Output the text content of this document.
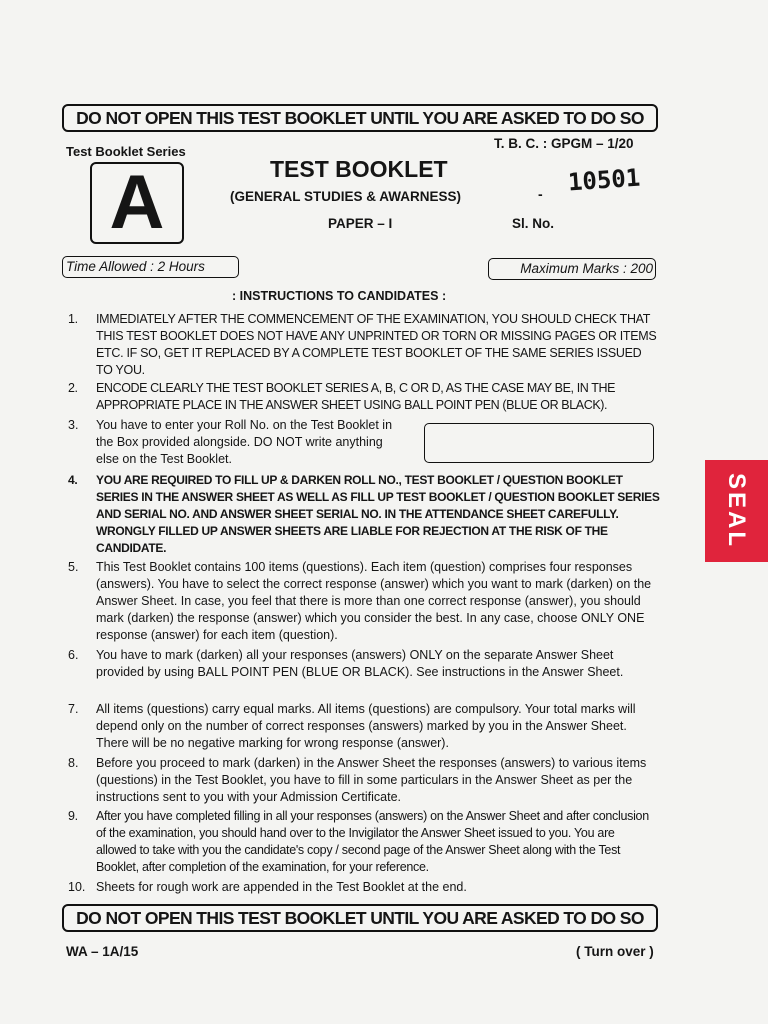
DO NOT OPEN THIS TEST BOOKLET UNTIL YOU ARE ASKED TO DO SO
Test Booklet Series
A
T. B. C. : GPGM – 1/20
TEST BOOKLET
(GENERAL STUDIES & AWARNESS)
PAPER – I
- 10501
Sl. No.
Time Allowed : 2 Hours	Maximum Marks : 200
: INSTRUCTIONS TO CANDIDATES :
1. IMMEDIATELY AFTER THE COMMENCEMENT OF THE EXAMINATION, YOU SHOULD CHECK THAT THIS TEST BOOKLET DOES NOT HAVE ANY UNPRINTED OR TORN OR MISSING PAGES OR ITEMS ETC. IF SO, GET IT REPLACED BY A COMPLETE TEST BOOKLET OF THE SAME SERIES ISSUED TO YOU.
2. ENCODE CLEARLY THE TEST BOOKLET SERIES A, B, C OR D, AS THE CASE MAY BE, IN THE APPROPRIATE PLACE IN THE ANSWER SHEET USING BALL POINT PEN (BLUE OR BLACK).
3. You have to enter your Roll No. on the Test Booklet in the Box provided alongside. DO NOT write anything else on the Test Booklet.
4. YOU ARE REQUIRED TO FILL UP & DARKEN ROLL NO., TEST BOOKLET / QUESTION BOOKLET SERIES IN THE ANSWER SHEET AS WELL AS FILL UP TEST BOOKLET / QUESTION BOOKLET SERIES AND SERIAL NO. AND ANSWER SHEET SERIAL NO. IN THE ATTENDANCE SHEET CAREFULLY. WRONGLY FILLED UP ANSWER SHEETS ARE LIABLE FOR REJECTION AT THE RISK OF THE CANDIDATE.
5. This Test Booklet contains 100 items (questions). Each item (question) comprises four responses (answers). You have to select the correct response (answer) which you want to mark (darken) on the Answer Sheet. In case, you feel that there is more than one correct response (answer), you should mark (darken) the response (answer) which you consider the best. In any case, choose ONLY ONE response (answer) for each item (question).
6. You have to mark (darken) all your responses (answers) ONLY on the separate Answer Sheet provided by using BALL POINT PEN (BLUE OR BLACK). See instructions in the Answer Sheet.
7. All items (questions) carry equal marks. All items (questions) are compulsory. Your total marks will depend only on the number of correct responses (answers) marked by you in the Answer Sheet. There will be no negative marking for wrong response (answer).
8. Before you proceed to mark (darken) in the Answer Sheet the responses (answers) to various items (questions) in the Test Booklet, you have to fill in some particulars in the Answer Sheet as per the instructions sent to you with your Admission Certificate.
9. After you have completed filling in all your responses (answers) on the Answer Sheet and after conclusion of the examination, you should hand over to the Invigilator the Answer Sheet issued to you. You are allowed to take with you the candidate's copy / second page of the Answer Sheet along with the Test Booklet, after completion of the examination, for your reference.
10. Sheets for rough work are appended in the Test Booklet at the end.
DO NOT OPEN THIS TEST BOOKLET UNTIL YOU ARE ASKED TO DO SO
WA – 1A/15	( Turn over )
SEAL
